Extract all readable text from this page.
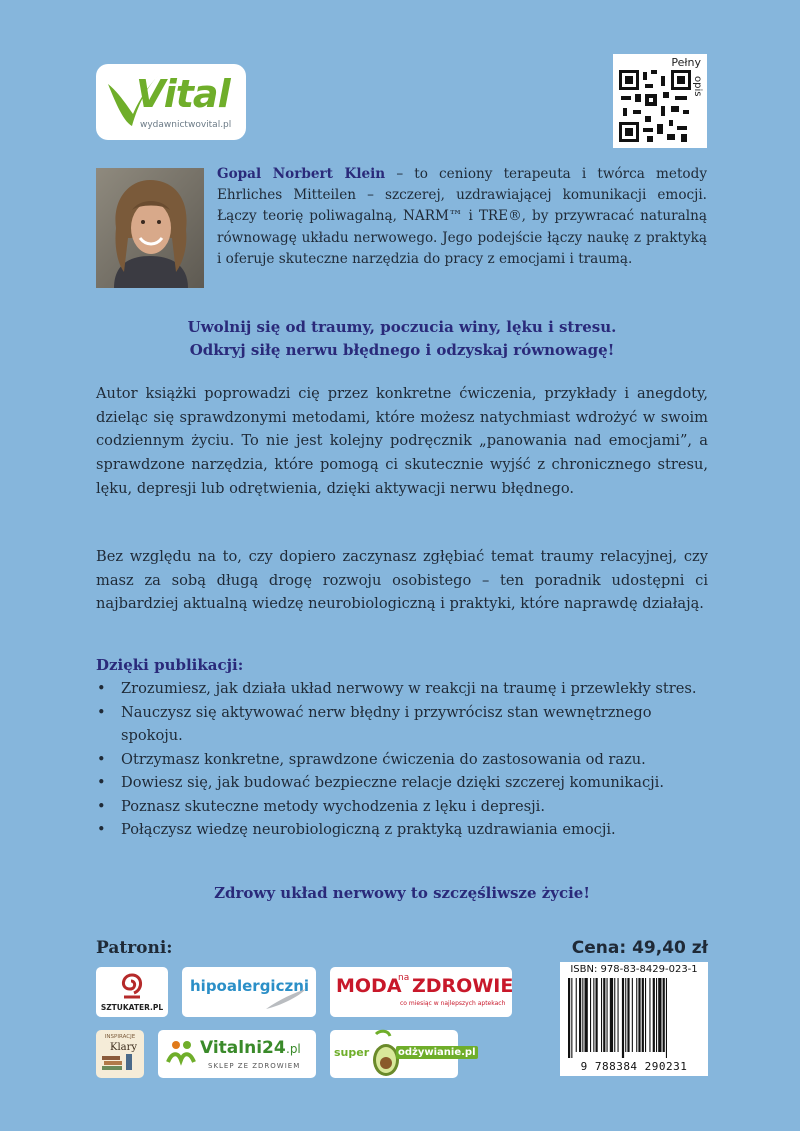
Vital
wydawnictwovital.pl
Pełny
opis
Gopal Norbert Klein – to ceniony terapeuta i twórca metody Ehrliches Mitteilen – szczerej, uzdrawiającej komunikacji emocji. Łączy teorię poliwagalną, NARM™ i TRE®, by przywracać naturalną równowagę układu nerwowego. Jego podejście łączy naukę z praktyką i oferuje skuteczne narzędzia do pracy z emocjami i traumą.
Uwolnij się od traumy, poczucia winy, lęku i stresu.
Odkryj siłę nerwu błędnego i odzyskaj równowagę!
Autor książki poprowadzi cię przez konkretne ćwiczenia, przykłady i anegdoty, dzieląc się sprawdzonymi metodami, które możesz natychmiast wdrożyć w swoim codziennym życiu. To nie jest kolejny podręcznik „panowania nad emocjami”, a sprawdzone narzędzia, które pomogą ci skutecznie wyjść z chronicznego stresu, lęku, depresji lub odrętwienia, dzięki aktywacji nerwu błędnego.
Bez względu na to, czy dopiero zaczynasz zgłębiać temat traumy relacyjnej, czy masz za sobą długą drogę rozwoju osobistego – ten poradnik udostępni ci najbardziej aktualną wiedzę neurobiologiczną i praktyki, które naprawdę działają.
Dzięki publikacji:
• Zrozumiesz, jak działa układ nerwowy w reakcji na traumę i przewlekły stres.
• Nauczysz się aktywować nerw błędny i przywrócisz stan wewnętrznego spokoju.
• Otrzymasz konkretne, sprawdzone ćwiczenia do zastosowania od razu.
• Dowiesz się, jak budować bezpieczne relacje dzięki szczerej komunikacji.
• Poznasz skuteczne metody wychodzenia z lęku i depresji.
• Połączysz wiedzę neurobiologiczną z praktyką uzdrawiania emocji.
Zdrowy układ nerwowy to szczęśliwsze życie!
Patroni:	Cena: 49,40 zł
SZTUKATER.PL
hipoalergiczni MODA
na ZDROWIE
co miesiąc w najlepszych aptekach
INSPIRACJE
Klary	Vitalni24 .pl
SKLEP ZE ZDROWIEM
super	odżywianie.pl
ISBN: 978-83-8429-023-1
9 788384 290231
